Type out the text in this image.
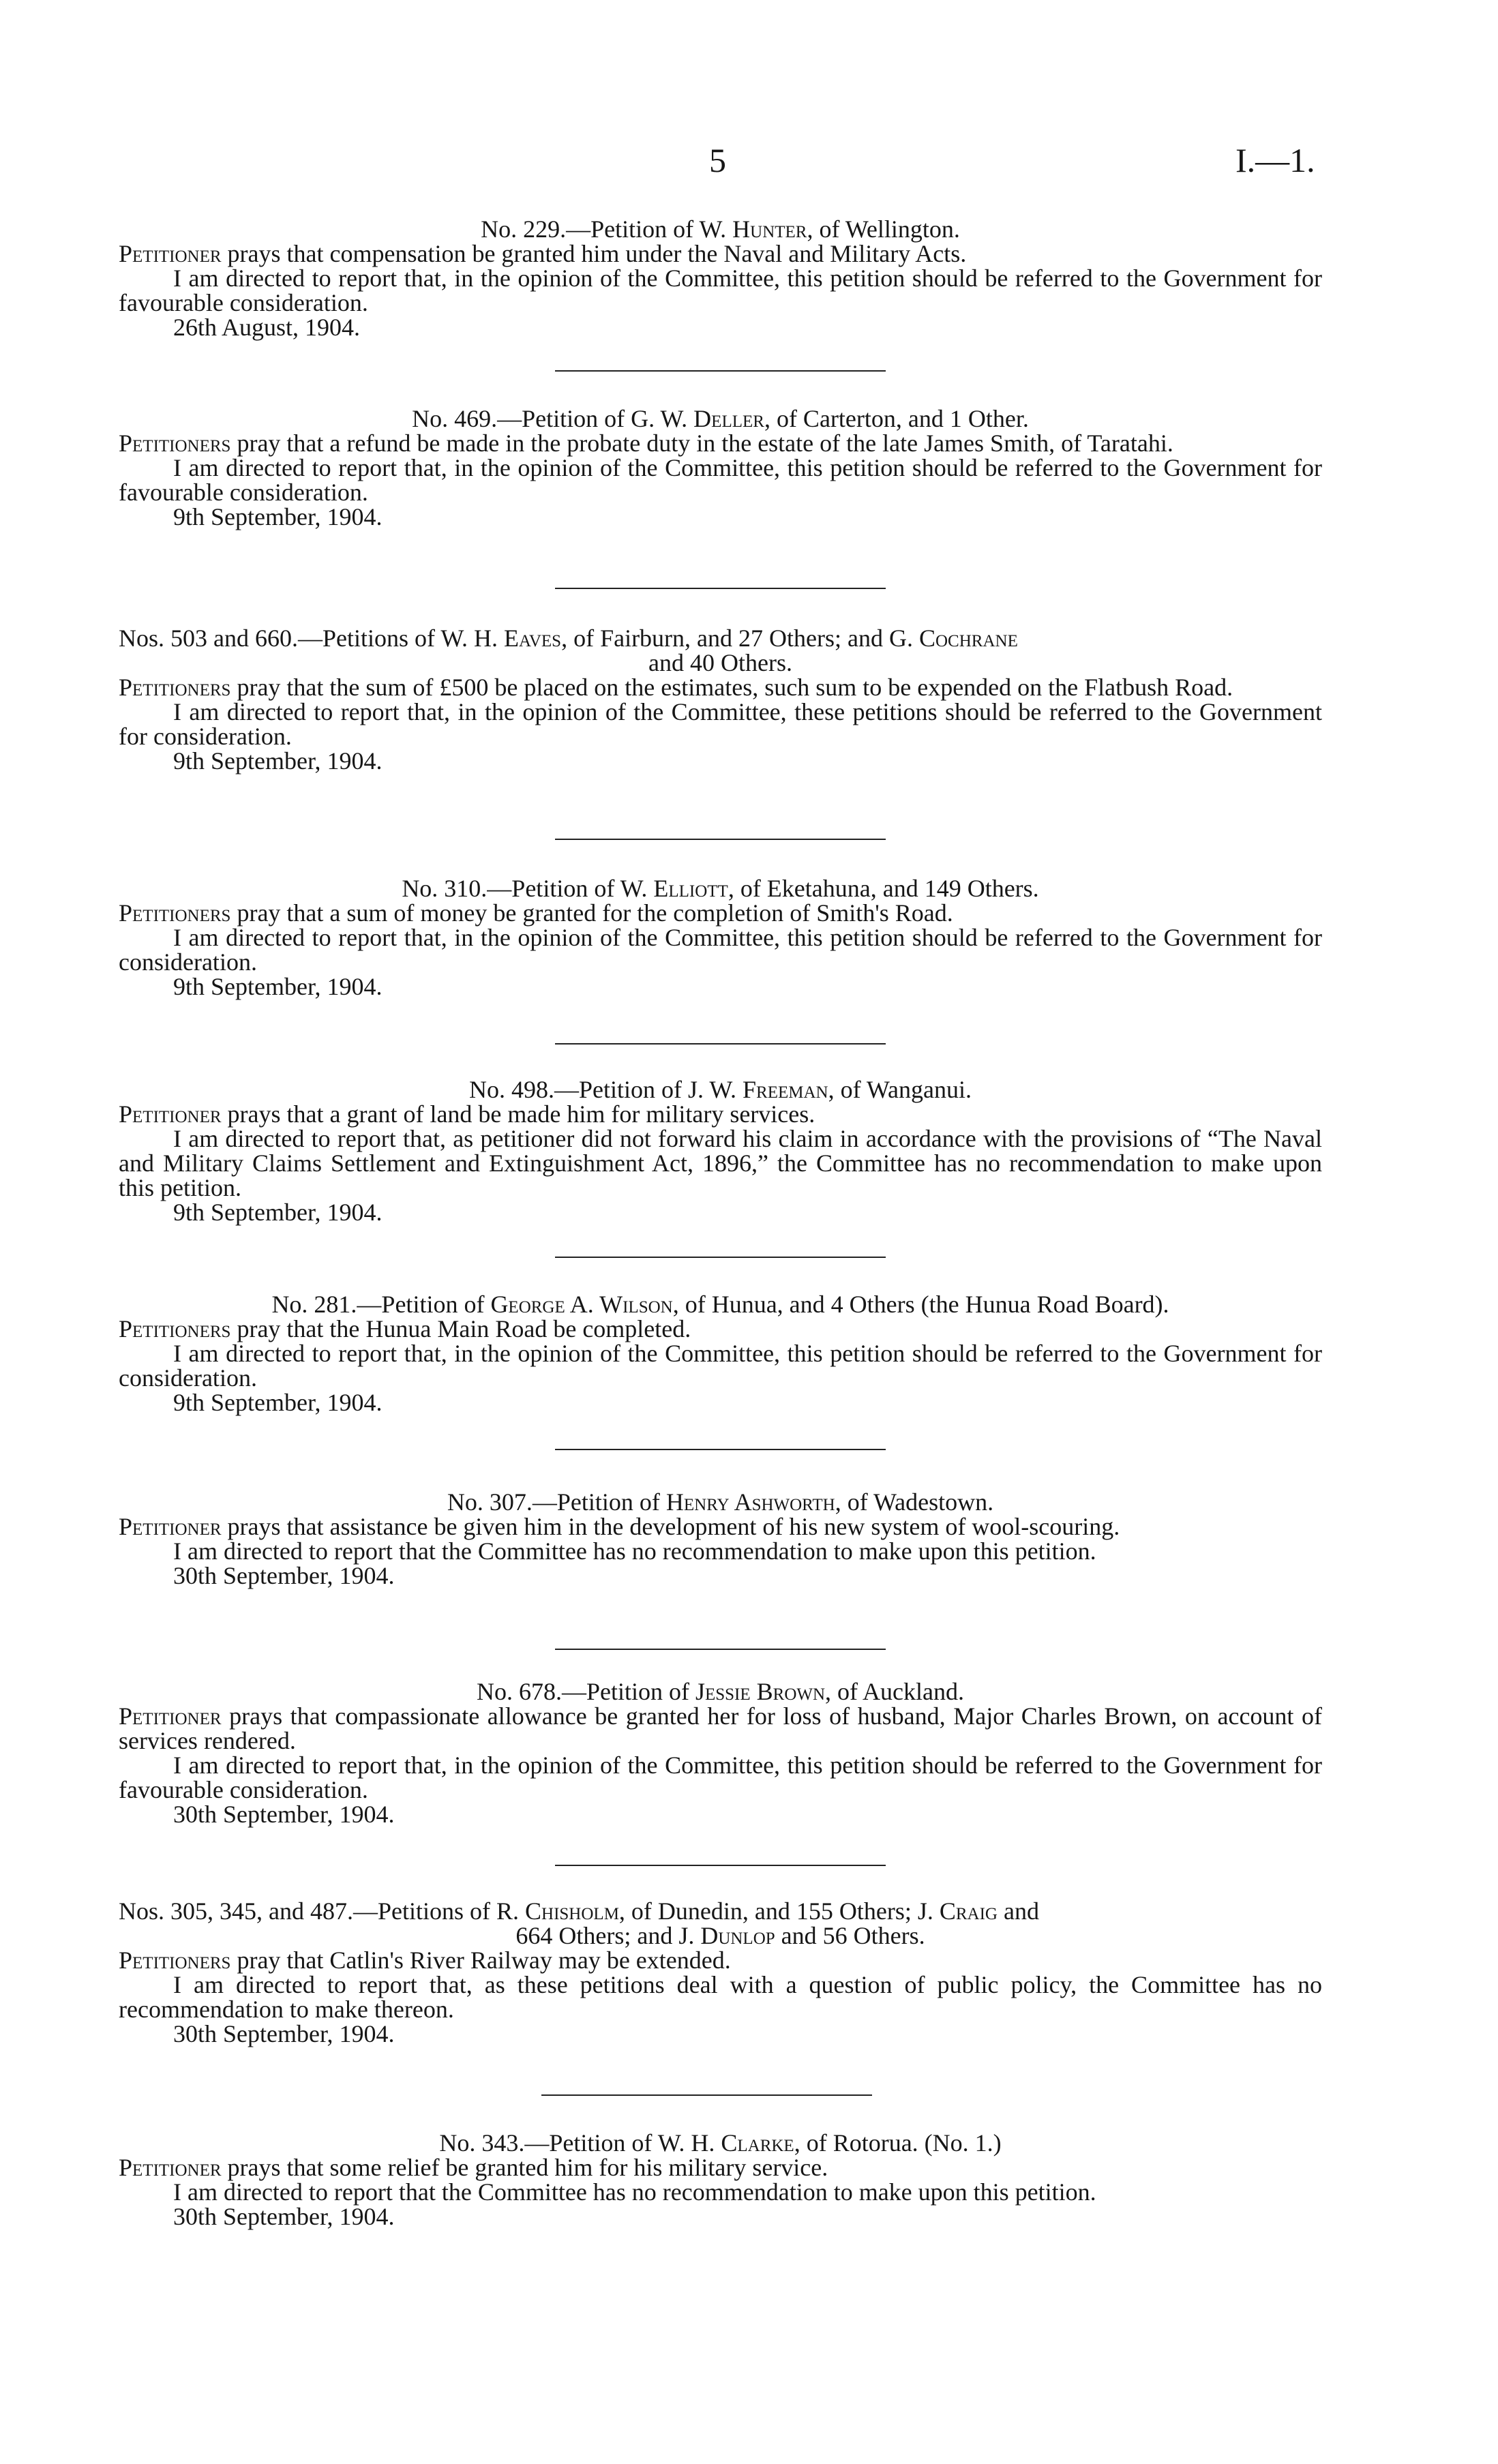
5	I.—1.
No. 229.—Petition of W. Hunter, of Wellington.

Petitioner prays that compensation be granted him under the Naval and Military Acts.

I am directed to report that, in the opinion of the Committee, this petition should be referred to the Government for favourable consideration.

26th August, 1904.
No. 469.—Petition of G. W. Deller, of Carterton, and 1 Other.

Petitioners pray that a refund be made in the probate duty in the estate of the late James Smith, of Taratahi.

I am directed to report that, in the opinion of the Committee, this petition should be referred to the Government for favourable consideration.

9th September, 1904.
Nos. 503 and 660.—Petitions of W. H. Eaves, of Fairburn, and 27 Others; and G. Cochrane
and 40 Others.

Petitioners pray that the sum of £500 be placed on the estimates, such sum to be expended on the Flatbush Road.

I am directed to report that, in the opinion of the Committee, these petitions should be referred to the Government for consideration.

9th September, 1904.
No. 310.—Petition of W. Elliott, of Eketahuna, and 149 Others.

Petitioners pray that a sum of money be granted for the completion of Smith's Road.

I am directed to report that, in the opinion of the Committee, this petition should be referred to the Government for consideration.

9th September, 1904.
No. 498.—Petition of J. W. Freeman, of Wanganui.

Petitioner prays that a grant of land be made him for military services.

I am directed to report that, as petitioner did not forward his claim in accordance with the provisions of “The Naval and Military Claims Settlement and Extinguishment Act, 1896,” the Committee has no recommendation to make upon this petition.

9th September, 1904.
No. 281.—Petition of George A. Wilson, of Hunua, and 4 Others (the Hunua Road Board).

Petitioners pray that the Hunua Main Road be completed.

I am directed to report that, in the opinion of the Committee, this petition should be referred to the Government for consideration.

9th September, 1904.
No. 307.—Petition of Henry Ashworth, of Wadestown.

Petitioner prays that assistance be given him in the development of his new system of wool-scouring.

I am directed to report that the Committee has no recommendation to make upon this petition.

30th September, 1904.
No. 678.—Petition of Jessie Brown, of Auckland.

Petitioner prays that compassionate allowance be granted her for loss of husband, Major Charles Brown, on account of services rendered.

I am directed to report that, in the opinion of the Committee, this petition should be referred to the Government for favourable consideration.

30th September, 1904.
Nos. 305, 345, and 487.—Petitions of R. Chisholm, of Dunedin, and 155 Others; J. Craig and
664 Others; and J. Dunlop and 56 Others.

Petitioners pray that Catlin's River Railway may be extended.

I am directed to report that, as these petitions deal with a question of public policy, the Committee has no recommendation to make thereon.

30th September, 1904.
No. 343.—Petition of W. H. Clarke, of Rotorua. (No. 1.)

Petitioner prays that some relief be granted him for his military service.

I am directed to report that the Committee has no recommendation to make upon this petition.

30th September, 1904.
